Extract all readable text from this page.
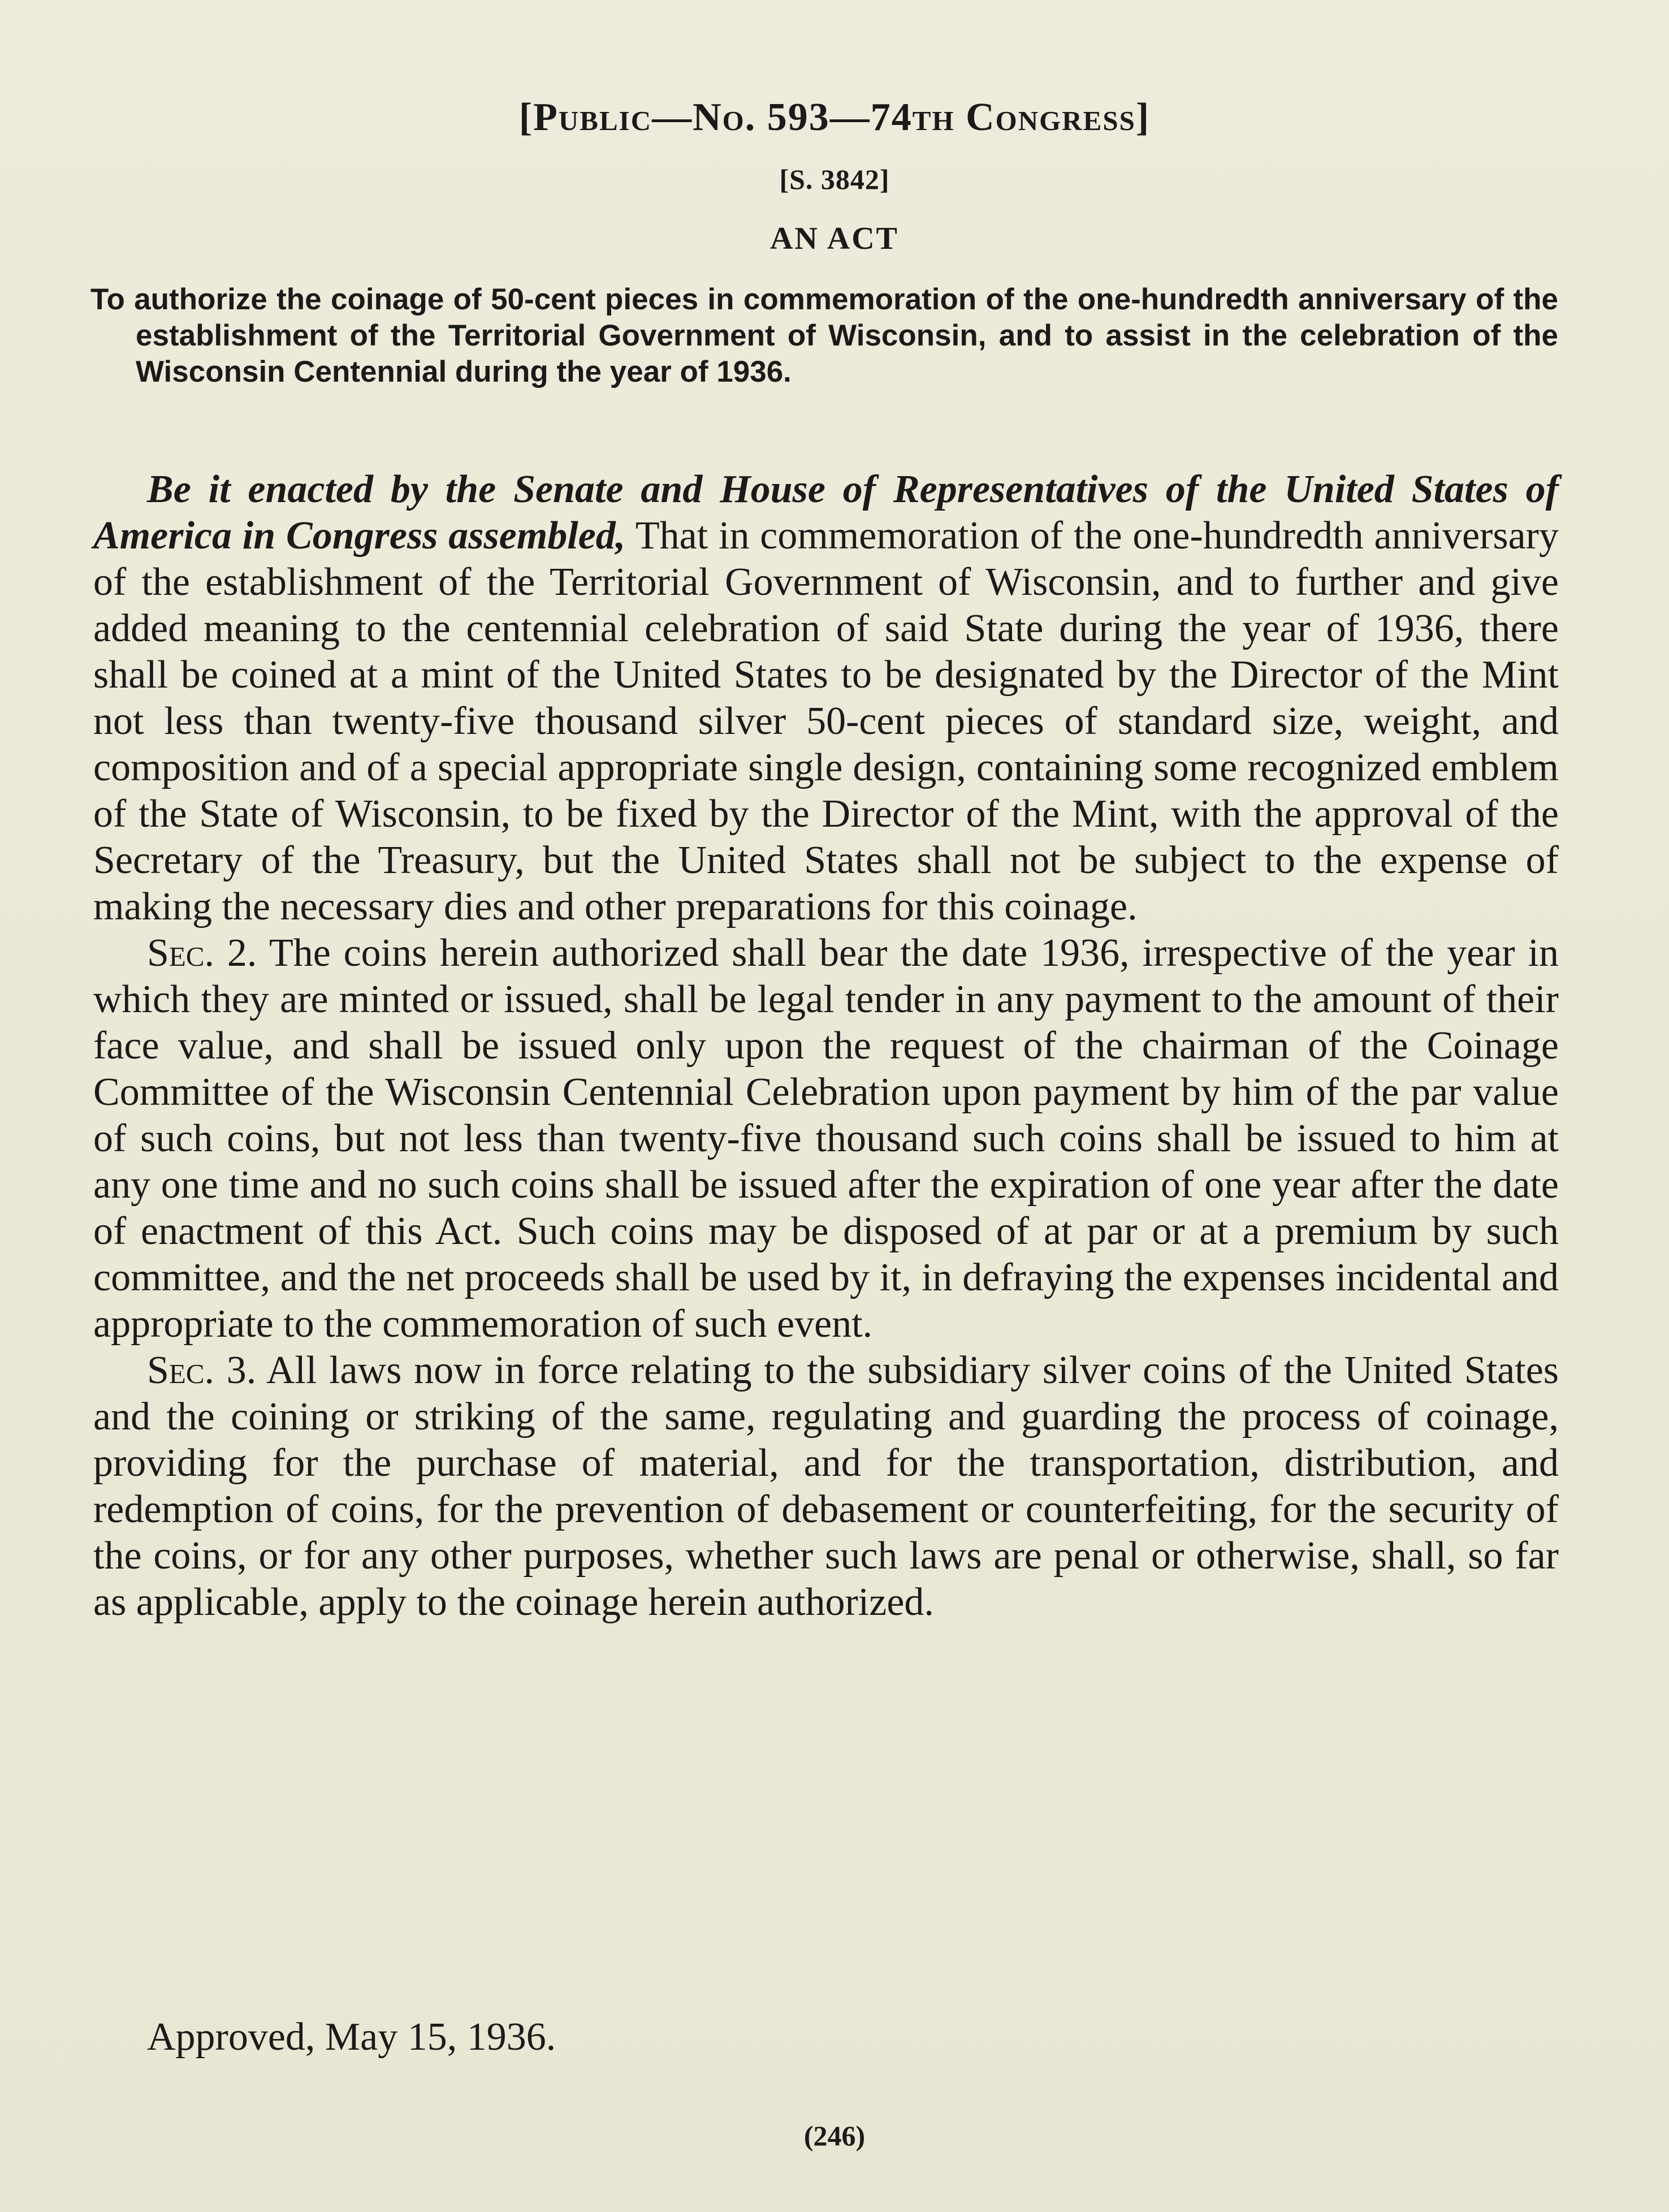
[Public—No. 593—74th Congress]
[S. 3842]
AN ACT
To authorize the coinage of 50-cent pieces in commemoration of the one-hundredth anniversary of the establishment of the Territorial Government of Wisconsin, and to assist in the celebration of the Wisconsin Centennial during the year of 1936.

Be it enacted by the Senate and House of Representatives of the United States of America in Congress assembled, That in commemoration of the one-hundredth anniversary of the establishment of the Territorial Government of Wisconsin, and to further and give added meaning to the centennial celebration of said State during the year of 1936, there shall be coined at a mint of the United States to be designated by the Director of the Mint not less than twenty-five thousand silver 50-cent pieces of standard size, weight, and composition and of a special appropriate single design, containing some recognized emblem of the State of Wisconsin, to be fixed by the Director of the Mint, with the approval of the Secretary of the Treasury, but the United States shall not be subject to the expense of making the necessary dies and other preparations for this coinage.

Sec. 2. The coins herein authorized shall bear the date 1936, irrespective of the year in which they are minted or issued, shall be legal tender in any payment to the amount of their face value, and shall be issued only upon the request of the chairman of the Coinage Committee of the Wisconsin Centennial Celebration upon payment by him of the par value of such coins, but not less than twenty-five thousand such coins shall be issued to him at any one time and no such coins shall be issued after the expiration of one year after the date of enactment of this Act. Such coins may be disposed of at par or at a premium by such committee, and the net proceeds shall be used by it, in defraying the expenses incidental and appropriate to the commemoration of such event.

Sec. 3. All laws now in force relating to the subsidiary silver coins of the United States and the coining or striking of the same, regulating and guarding the process of coinage, providing for the purchase of material, and for the transportation, distribution, and redemption of coins, for the prevention of debasement or counterfeiting, for the security of the coins, or for any other purposes, whether such laws are penal or otherwise, shall, so far as applicable, apply to the coinage herein authorized.

Approved, May 15, 1936.
(246)
